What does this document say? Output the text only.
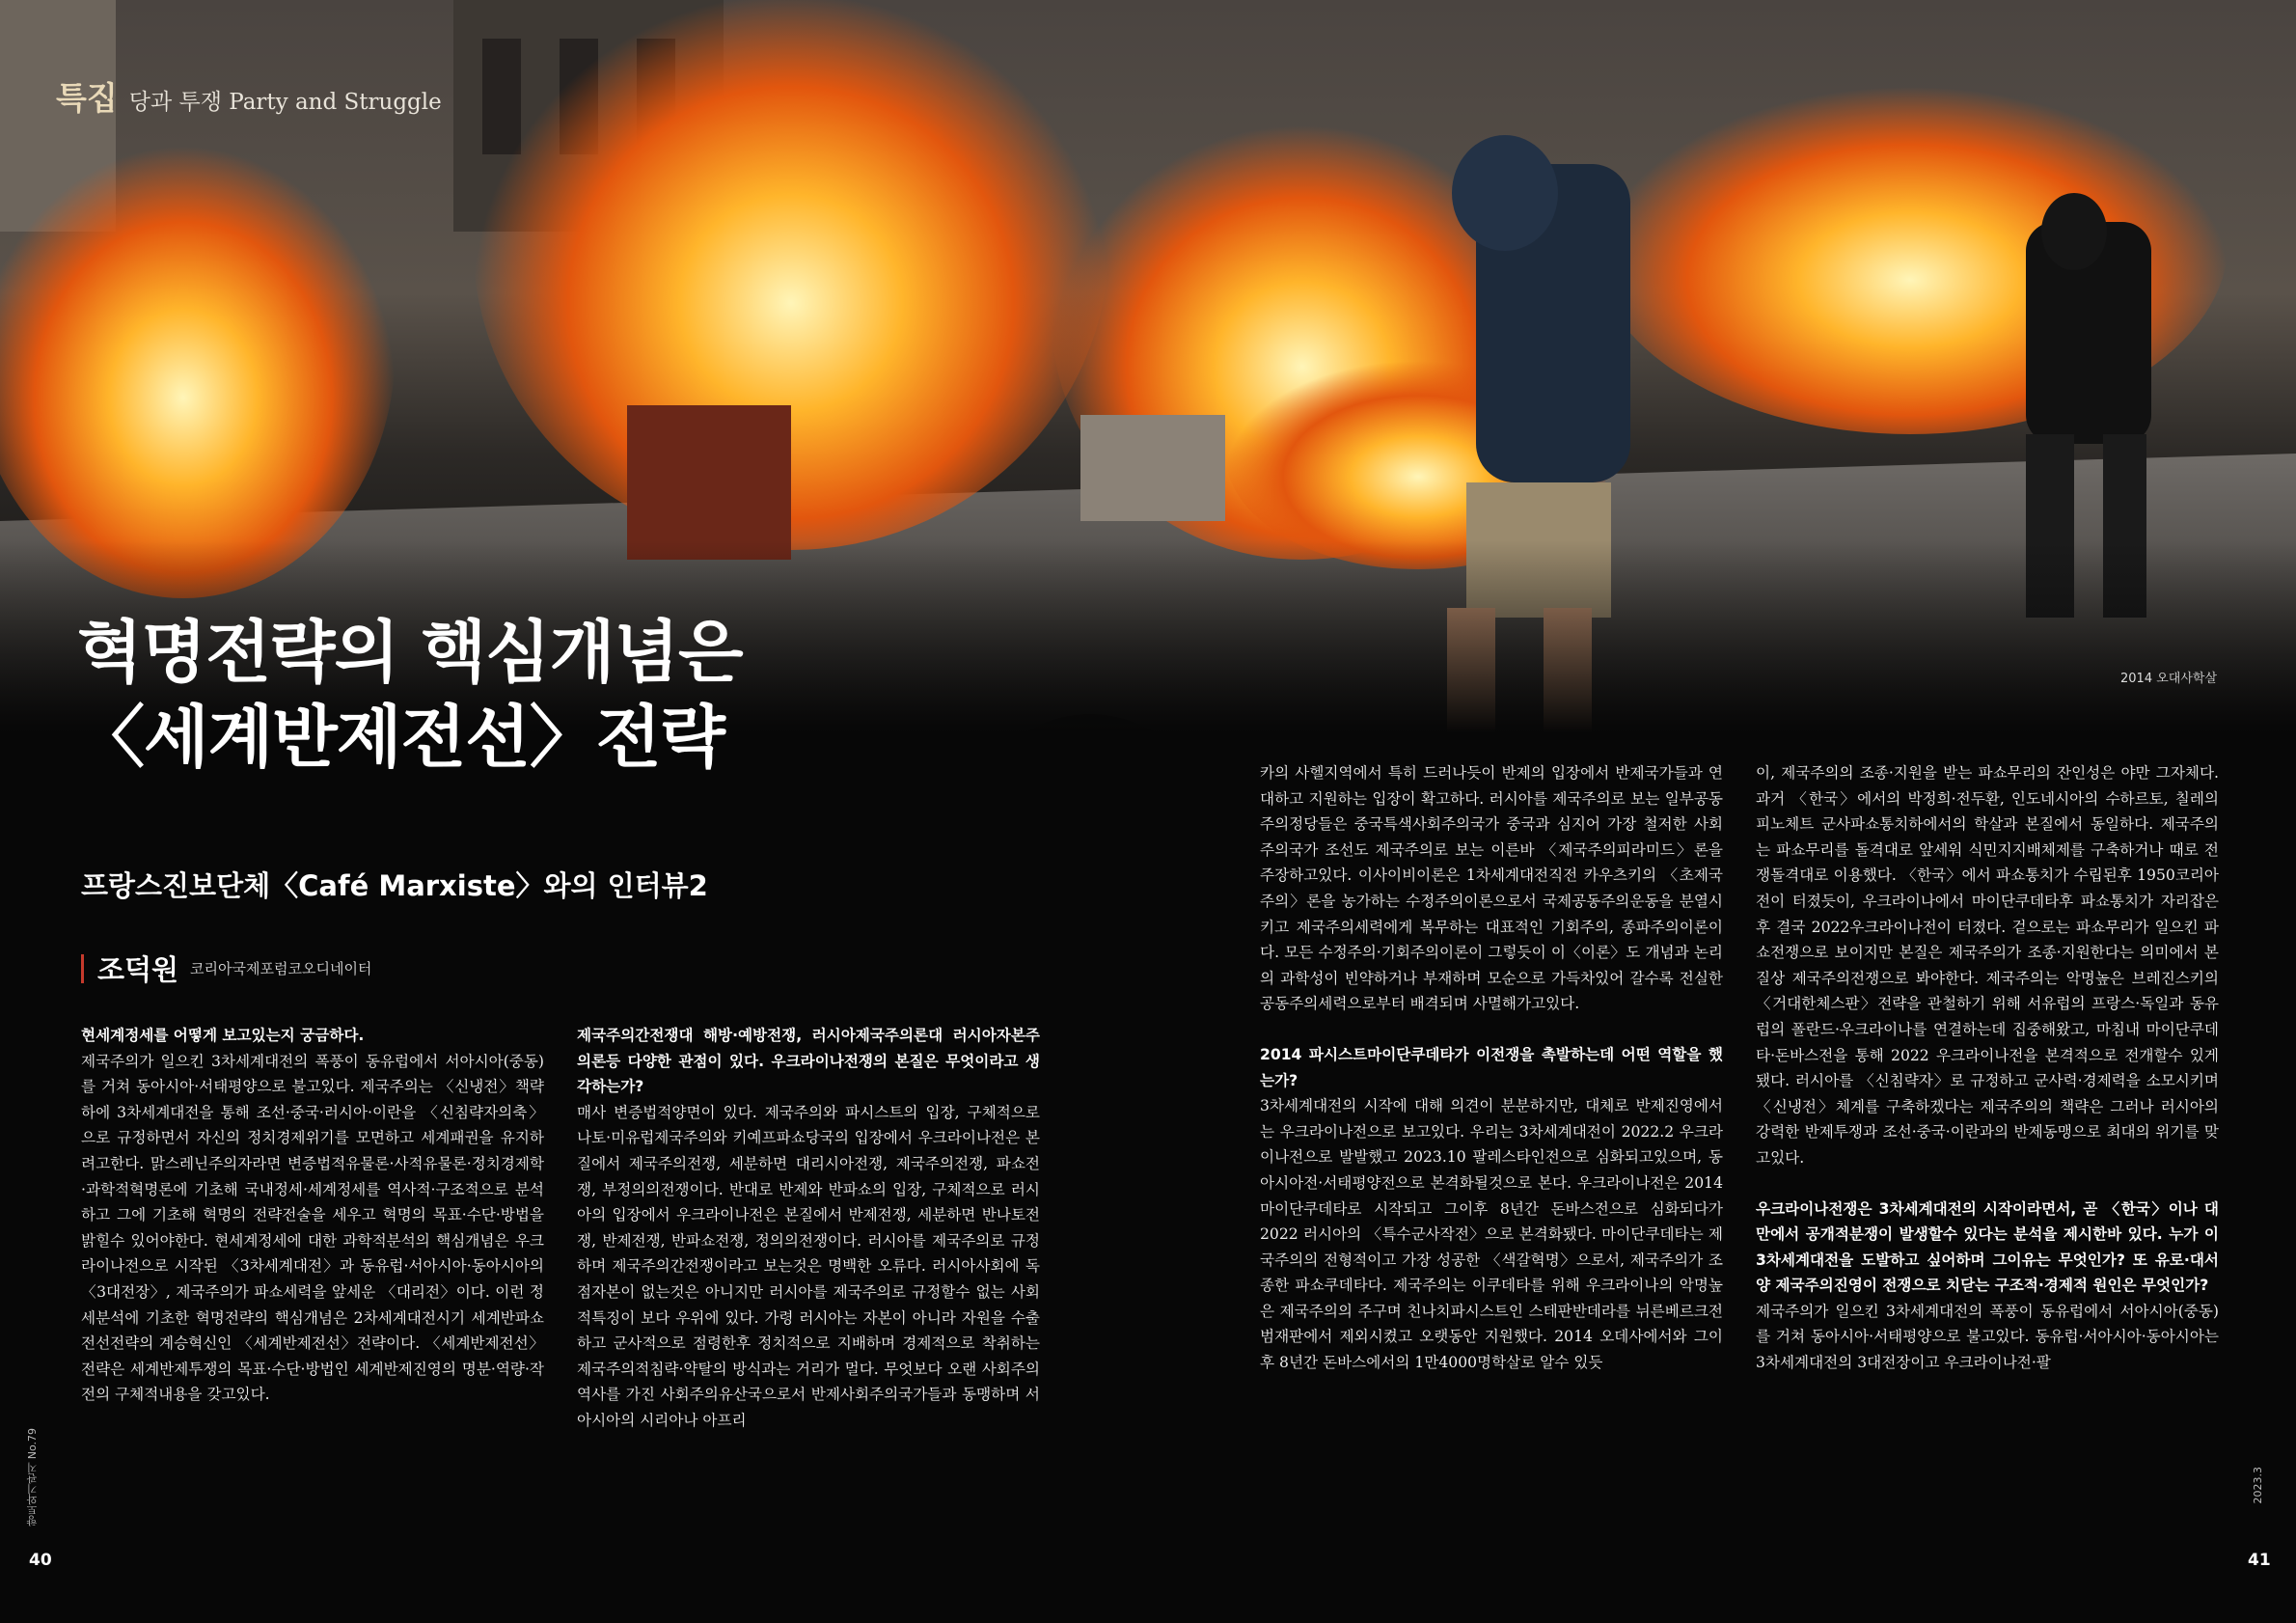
특집 당과 투쟁 Party and Struggle
혁명전략의 핵심개념은
〈세계반제전선〉전략
프랑스진보단체〈Café Marxiste〉와의 인터뷰2
조덕원 코리아국제포럼코오디네이터
2014 오대사학살

현세계정세를 어떻게 보고있는지 궁금하다.

제국주의가 일으킨 3차세계대전의 폭풍이 동유럽에서 서아시아(중동)를 거쳐 동아시아·서태평양으로 불고있다. 제국주의는 〈신냉전〉책략하에 3차세계대전을 통해 조선·중국·러시아·이란을 〈신침략자의축〉으로 규정하면서 자신의 정치경제위기를 모면하고 세계패권을 유지하려고한다. 맑스레닌주의자라면 변증법적유물론·사적유물론·정치경제학·과학적혁명론에 기초해 국내정세·세계정세를 역사적·구조적으로 분석하고 그에 기초해 혁명의 전략전술을 세우고 혁명의 목표·수단·방법을 밝힐수 있어야한다. 현세계정세에 대한 과학적분석의 핵심개념은 우크라이나전으로 시작된 〈3차세계대전〉과 동유럽·서아시아·동아시아의 〈3대전장〉, 제국주의가 파쇼세력을 앞세운 〈대리전〉이다. 이런 정세분석에 기초한 혁명전략의 핵심개념은 2차세계대전시기 세계반파쇼전선전략의 계승혁신인 〈세계반제전선〉전략이다. 〈세계반제전선〉전략은 세계반제투쟁의 목표·수단·방법인 세계반제진영의 명분·역량·작전의 구체적내용을 갖고있다.

제국주의간전쟁대 해방·예방전쟁, 러시아제국주의론대 러시아자본주의론등 다양한 관점이 있다. 우크라이나전쟁의 본질은 무엇이라고 생각하는가?

매사 변증법적양면이 있다. 제국주의와 파시스트의 입장, 구체적으로 나토·미유럽제국주의와 키예프파쇼당국의 입장에서 우크라이나전은 본질에서 제국주의전쟁, 세분하면 대리시아전쟁, 제국주의전쟁, 파쇼전쟁, 부정의의전쟁이다. 반대로 반제와 반파쇼의 입장, 구체적으로 러시아의 입장에서 우크라이나전은 본질에서 반제전쟁, 세분하면 반나토전쟁, 반제전쟁, 반파쇼전쟁, 정의의전쟁이다. 러시아를 제국주의로 규정하며 제국주의간전쟁이라고 보는것은 명백한 오류다. 러시아사회에 독점자본이 없는것은 아니지만 러시아를 제국주의로 규정할수 없는 사회적특징이 보다 우위에 있다. 가령 러시아는 자본이 아니라 자원을 수출하고 군사적으로 점령한후 정치적으로 지배하며 경제적으로 착취하는 제국주의적침략·약탈의 방식과는 거리가 멀다. 무엇보다 오랜 사회주의역사를 가진 사회주의유산국으로서 반제사회주의국가들과 동맹하며 서아시아의 시리아나 아프리

카의 사헬지역에서 특히 드러나듯이 반제의 입장에서 반제국가들과 연대하고 지원하는 입장이 확고하다. 러시아를 제국주의로 보는 일부공동주의정당들은 중국특색사회주의국가 중국과 심지어 가장 철저한 사회주의국가 조선도 제국주의로 보는 이른바 〈제국주의피라미드〉론을 주장하고있다. 이사이비이론은 1차세계대전직전 카우츠키의 〈초제국주의〉론을 농가하는 수정주의이론으로서 국제공동주의운동을 분열시키고 제국주의세력에게 복무하는 대표적인 기회주의, 종파주의이론이다. 모든 수정주의·기회주의이론이 그렇듯이 이〈이론〉도 개념과 논리의 과학성이 빈약하거나 부재하며 모순으로 가득차있어 갈수록 전실한 공동주의세력으로부터 배격되며 사멸해가고있다.

2014 파시스트마이단쿠데타가 이전쟁을 촉발하는데 어떤 역할을 했는가?

3차세계대전의 시작에 대해 의견이 분분하지만, 대체로 반제진영에서는 우크라이나전으로 보고있다. 우리는 3차세계대전이 2022.2 우크라이나전으로 발발했고 2023.10 팔레스타인전으로 심화되고있으며, 동아시아전·서태평양전으로 본격화될것으로 본다. 우크라이나전은 2014 마이단쿠데타로 시작되고 그이후 8년간 돈바스전으로 심화되다가 2022 러시아의 〈특수군사작전〉으로 본격화됐다. 마이단쿠데타는 제국주의의 전형적이고 가장 성공한 〈색갈혁명〉으로서, 제국주의가 조종한 파쇼쿠데타다. 제국주의는 이쿠데타를 위해 우크라이나의 악명높은 제국주의의 주구며 친나치파시스트인 스테판반데라를 뉘른베르크전범재판에서 제외시켰고 오랫동안 지원했다. 2014 오데사에서와 그이후 8년간 돈바스에서의 1만4000명학살로 알수 있듯

이, 제국주의의 조종·지원을 받는 파쇼무리의 잔인성은 야만 그자체다. 과거 〈한국〉에서의 박정희·전두환, 인도네시아의 수하르토, 칠레의 피노체트 군사파쇼통치하에서의 학살과 본질에서 동일하다. 제국주의는 파쇼무리를 돌격대로 앞세워 식민지지배체제를 구축하거나 때로 전쟁돌격대로 이용했다. 〈한국〉에서 파쇼통치가 수립된후 1950코리아전이 터졌듯이, 우크라이나에서 마이단쿠데타후 파쇼통치가 자리잡은후 결국 2022우크라이나전이 터졌다. 겉으로는 파쇼무리가 일으킨 파쇼전쟁으로 보이지만 본질은 제국주의가 조종·지원한다는 의미에서 본질상 제국주의전쟁으로 봐야한다. 제국주의는 악명높은 브레진스키의 〈거대한체스판〉전략을 관철하기 위해 서유럽의 프랑스·독일과 동유럽의 폴란드·우크라이나를 연결하는데 집중해왔고, 마침내 마이단쿠데타·돈바스전을 통해 2022 우크라이나전을 본격적으로 전개할수 있게 됐다. 러시아를 〈신침략자〉로 규정하고 군사력·경제력을 소모시키며 〈신냉전〉체계를 구축하겠다는 제국주의의 책략은 그러나 러시아의 강력한 반제투쟁과 조선·중국·이란과의 반제동맹으로 최대의 위기를 맞고있다.

우크라이나전쟁은 3차세계대전의 시작이라면서, 곧 〈한국〉이나 대만에서 공개적분쟁이 발생할수 있다는 분석을 제시한바 있다. 누가 이3차세계대전을 도발하고 싶어하며 그이유는 무엇인가? 또 유로·대서양 제국주의진영이 전쟁으로 치닫는 구조적·경제적 원인은 무엇인가?

제국주의가 일으킨 3차세계대전의 폭풍이 동유럽에서 서아시아(중동)를 거쳐 동아시아·서태평양으로 불고있다. 동유럽·서아시아·동아시아는 3차세계대전의 3대전장이고 우크라이나전·팔

향토와기관지 No.79	2023.3
40	41
